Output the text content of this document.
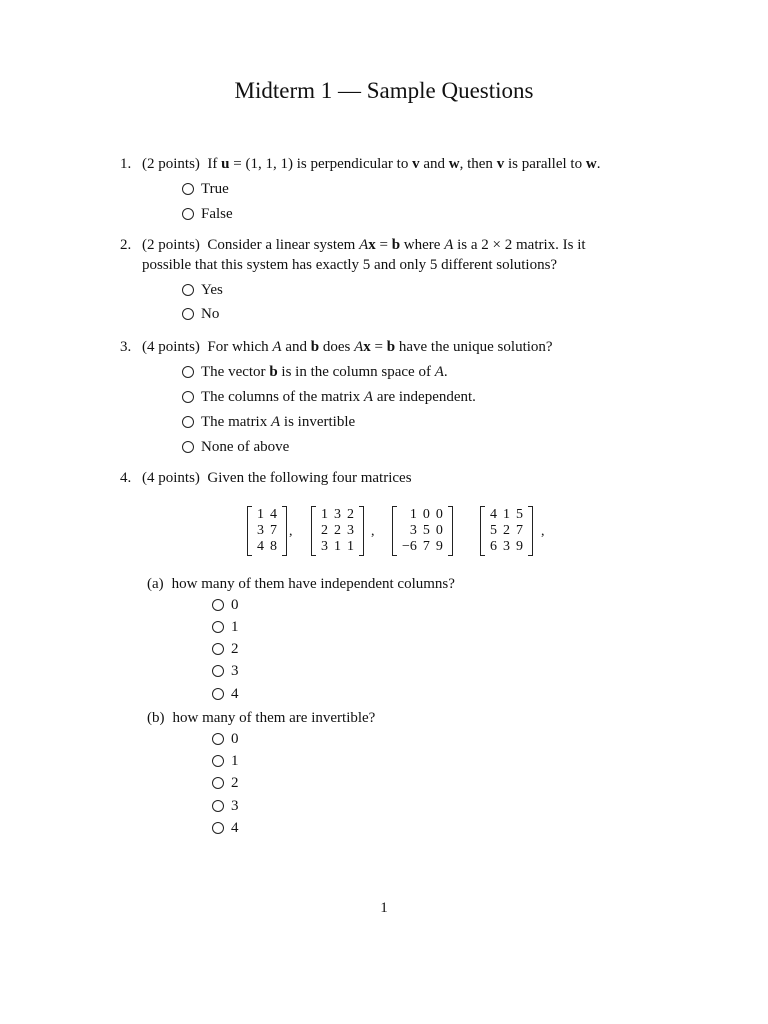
Midterm 1 — Sample Questions
1. (2 points) If u = (1, 1, 1) is perpendicular to v and w, then v is parallel to w.
True
False
2. (2 points) Consider a linear system Ax = b where A is a 2 × 2 matrix. Is it
possible that this system has exactly 5 and only 5 different solutions?
Yes
No
3. (4 points) For which A and b does Ax = b have the unique solution?
The vector b is in the column space of A.
The columns of the matrix A are independent.
The matrix A is invertible
None of above
4. (4 points) Given the following four matrices
1 4
3 7
4 8
,
1 3 2
2 2 3
3 1 1
,
1 0 0
3 5 0
−6 7 9
4 1 5
5 2 7
6 3 9
,
(a) how many of them have independent columns?
0
1
2
3
4
(b) how many of them are invertible?
0
1
2
3
4
1
